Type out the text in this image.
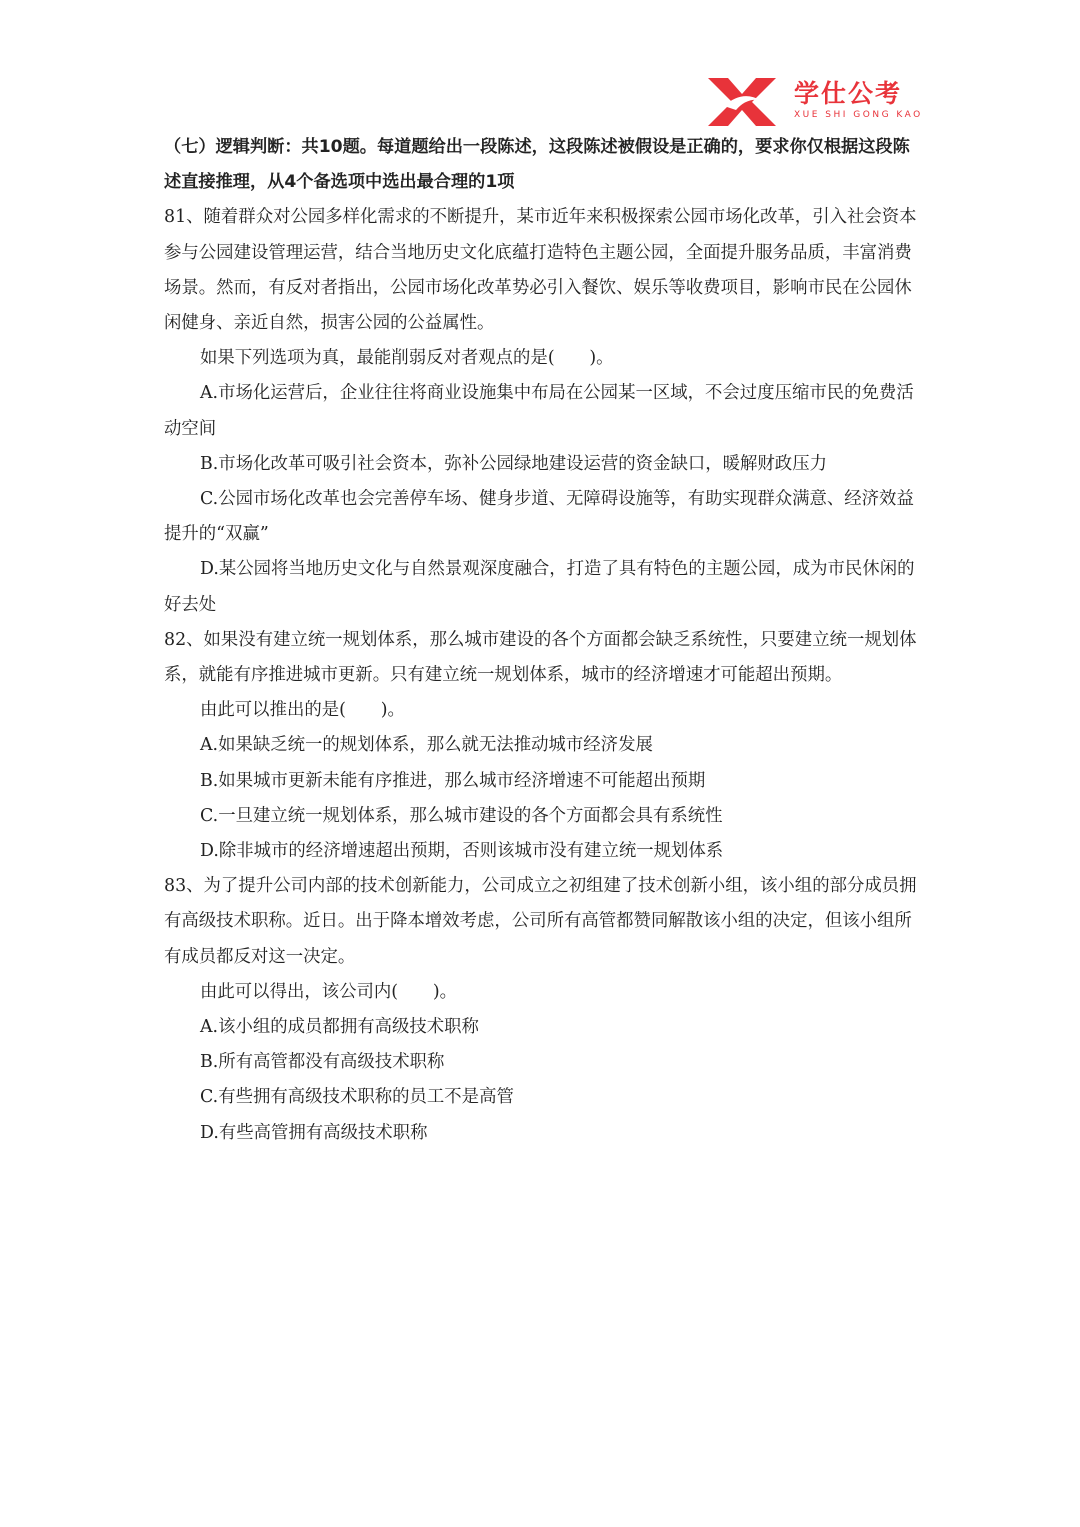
学仕公考
XUE SHI GONG KAO

（七）逻辑判断：共10题。每道题给出一段陈述，这段陈述被假设是正确的，要求你仅根据这段陈述直接推理，从4个备选项中选出最合理的1项

81、随着群众对公园多样化需求的不断提升，某市近年来积极探索公园市场化改革，引入社会资本参与公园建设管理运营，结合当地历史文化底蕴打造特色主题公园，全面提升服务品质，丰富消费场景。然而，有反对者指出，公园市场化改革势必引入餐饮、娱乐等收费项目，影响市民在公园休闲健身、亲近自然，损害公园的公益属性。

如果下列选项为真，最能削弱反对者观点的是(　　)。

A.市场化运营后，企业往往将商业设施集中布局在公园某一区域，不会过度压缩市民的免费活动空间

B.市场化改革可吸引社会资本，弥补公园绿地建设运营的资金缺口，暖解财政压力

C.公园市场化改革也会完善停车场、健身步道、无障碍设施等，有助实现群众满意、经济效益提升的“双赢”

D.某公园将当地历史文化与自然景观深度融合，打造了具有特色的主题公园，成为市民休闲的好去处

82、如果没有建立统一规划体系，那么城市建设的各个方面都会缺乏系统性，只要建立统一规划体系，就能有序推进城市更新。只有建立统一规划体系，城市的经济增速才可能超出预期。

由此可以推出的是(　　)。

A.如果缺乏统一的规划体系，那么就无法推动城市经济发展

B.如果城市更新未能有序推进，那么城市经济增速不可能超出预期

C.一旦建立统一规划体系，那么城市建设的各个方面都会具有系统性

D.除非城市的经济增速超出预期，否则该城市没有建立统一规划体系

83、为了提升公司内部的技术创新能力，公司成立之初组建了技术创新小组，该小组的部分成员拥有高级技术职称。近日。出于降本增效考虑，公司所有高管都赞同解散该小组的决定，但该小组所有成员都反对这一决定。

由此可以得出，该公司内(　　)。

A.该小组的成员都拥有高级技术职称

B.所有高管都没有高级技术职称

C.有些拥有高级技术职称的员工不是高管

D.有些高管拥有高级技术职称
